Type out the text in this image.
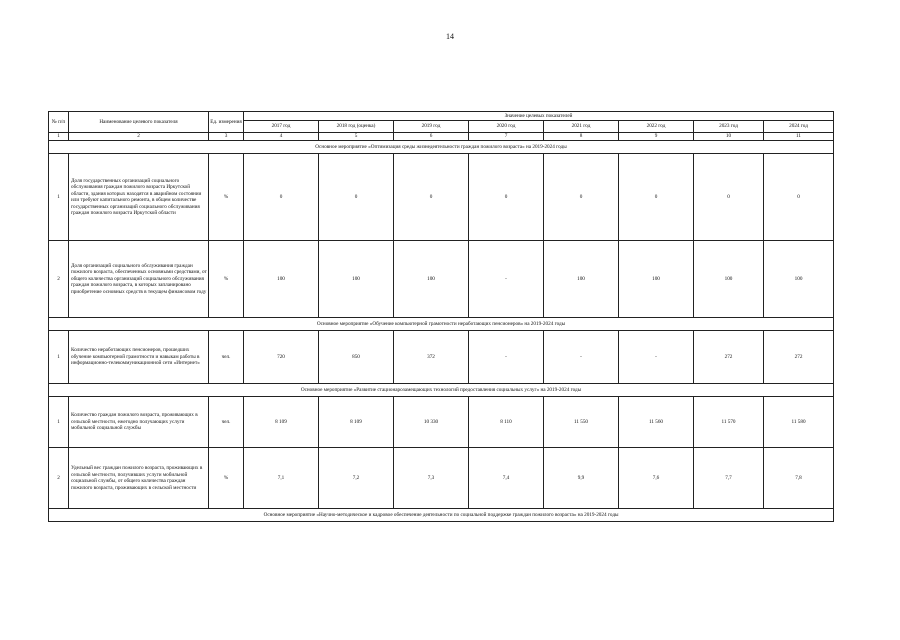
14
№ п/п	Наименование целевого показателя	Ед. измерения	Значение целевых показателей							
			2017 год	2018 год (оценка)	2019 год	2020 год	2021 год	2022 год	2023 год	2024 год
1	2	3	4	5	6	7	8	9	10	11
Основное мероприятие «Оптимизация среды жизнедеятельности граждан пожилого возраста» на 2019-2024 годы										
1	Доля государственных организаций социального обслуживания граждан пожилого возраста Иркутской области, здания которых находятся в аварийном состоянии или требуют капитального ремонта, в общем количестве государственных организаций социального обслуживания граждан пожилого возраста Иркутской области	%	0	0	0	0	0	0	0	0
2	Доля организаций социального обслуживания граждан пожилого возраста, обеспеченных основными средствами, от общего количества организаций социального обслуживания граждан пожилого возраста, в которых запланировано приобретение основных средств в текущем финансовом году	%	100	100	100	-	100	100	100	100
Основное мероприятие «Обучение компьютерной грамотности неработающих пенсионеров» на 2019-2024 годы										
1	Количество неработающих пенсионеров, прошедших обучение компьютерной грамотности и навыкам работы в информационно-телекоммуникационной сети «Интернет»	чел.	720	850	372	-	-	-	272	272
Основное мероприятие «Развитие стационарозамещающих технологий предоставления социальных услуг» на 2019-2024 годы										
1	Количество граждан пожилого возраста, проживающих в сельской местности, ежегодно получающих услуги мобильной социальной службы	чел.	8 109	8 109	10 330	8 110	11 550	11 560	11 570	11 580
2	Удельный вес граждан пожилого возраста, проживающих в сельской местности, получивших услуги мобильной социальной службы, от общего количества граждан пожилого возраста, проживающих в сельской местности	%	7,1	7,2	7,3	7,4	9,9	7,6	7,7	7,8
Основное мероприятие «Научно-методическое и кадровое обеспечение деятельности по социальной поддержке граждан пожилого возраста» на 2019-2024 годы										
